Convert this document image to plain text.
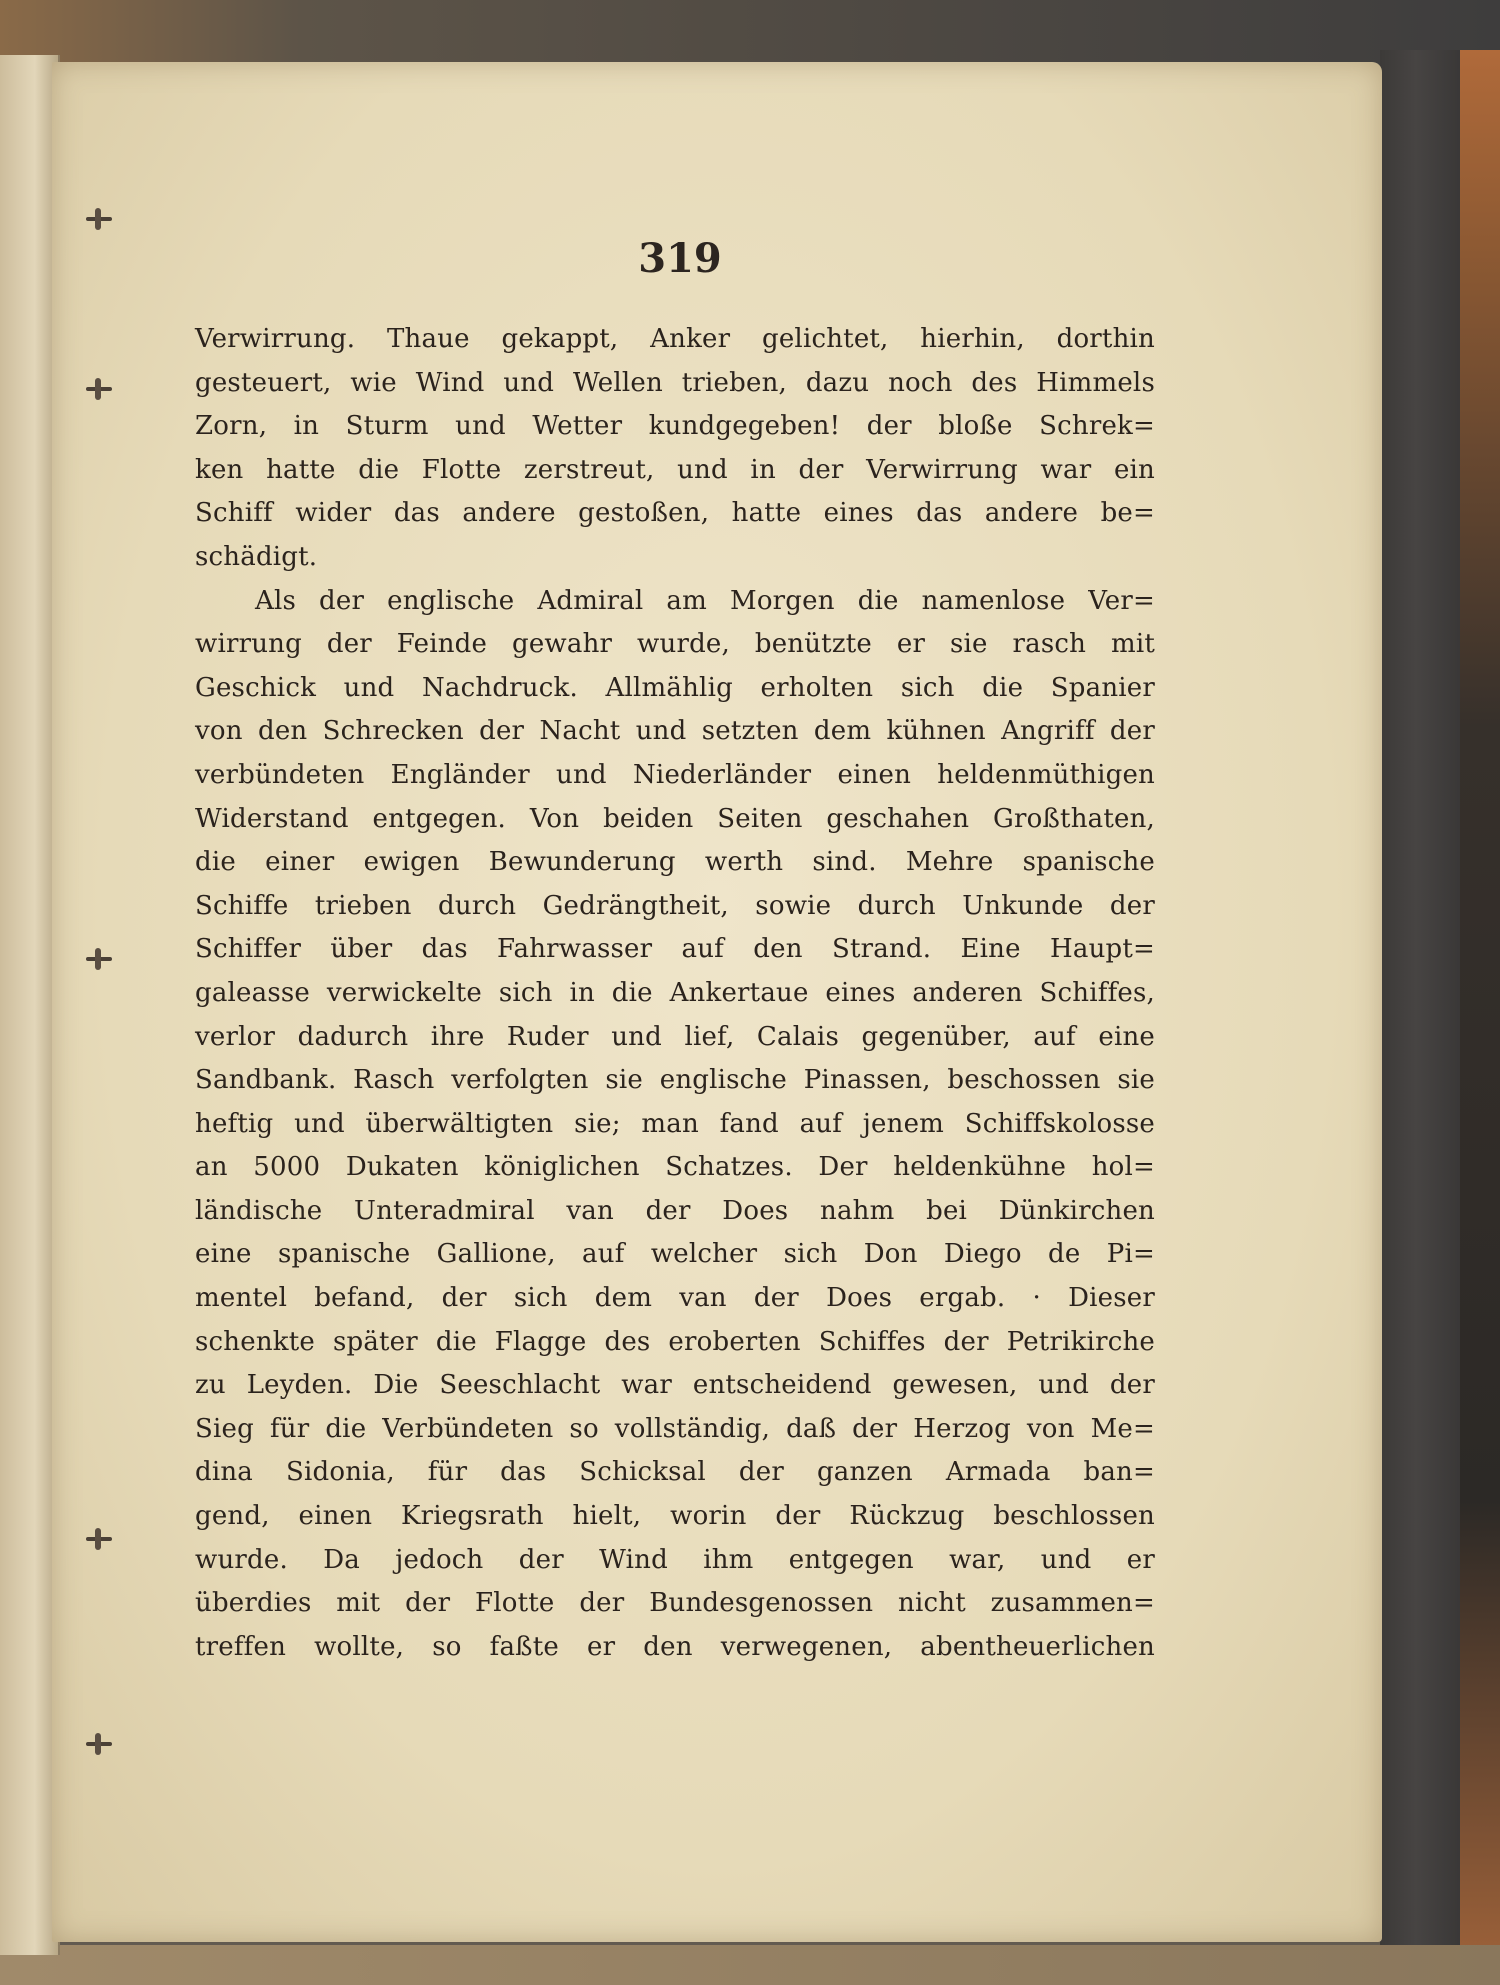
319
Verwirrung. Thaue gekappt, Anker gelichtet, hierhin, dorthin
gesteuert, wie Wind und Wellen trieben, dazu noch des Himmels
Zorn, in Sturm und Wetter kundgegeben! der bloße Schrek=
ken hatte die Flotte zerstreut, und in der Verwirrung war ein
Schiff wider das andere gestoßen, hatte eines das andere be=
schädigt.
Als der englische Admiral am Morgen die namenlose Ver=
wirrung der Feinde gewahr wurde, benützte er sie rasch mit
Geschick und Nachdruck. Allmählig erholten sich die Spanier
von den Schrecken der Nacht und setzten dem kühnen Angriff der
verbündeten Engländer und Niederländer einen heldenmüthigen
Widerstand entgegen. Von beiden Seiten geschahen Großthaten,
die einer ewigen Bewunderung werth sind. Mehre spanische
Schiffe trieben durch Gedrängtheit, sowie durch Unkunde der
Schiffer über das Fahrwasser auf den Strand. Eine Haupt=
galeasse verwickelte sich in die Ankertaue eines anderen Schiffes,
verlor dadurch ihre Ruder und lief, Calais gegenüber, auf eine
Sandbank. Rasch verfolgten sie englische Pinassen, beschossen sie
heftig und überwältigten sie; man fand auf jenem Schiffskolosse
an 5000 Dukaten königlichen Schatzes. Der heldenkühne hol=
ländische Unteradmiral van der Does nahm bei Dünkirchen
eine spanische Gallione, auf welcher sich Don Diego de Pi=
mentel befand, der sich dem van der Does ergab. · Dieser
schenkte später die Flagge des eroberten Schiffes der Petrikirche
zu Leyden. Die Seeschlacht war entscheidend gewesen, und der
Sieg für die Verbündeten so vollständig, daß der Herzog von Me=
dina Sidonia, für das Schicksal der ganzen Armada ban=
gend, einen Kriegsrath hielt, worin der Rückzug beschlossen
wurde. Da jedoch der Wind ihm entgegen war, und er
überdies mit der Flotte der Bundesgenossen nicht zusammen=
treffen wollte, so faßte er den verwegenen, abentheuerlichen
